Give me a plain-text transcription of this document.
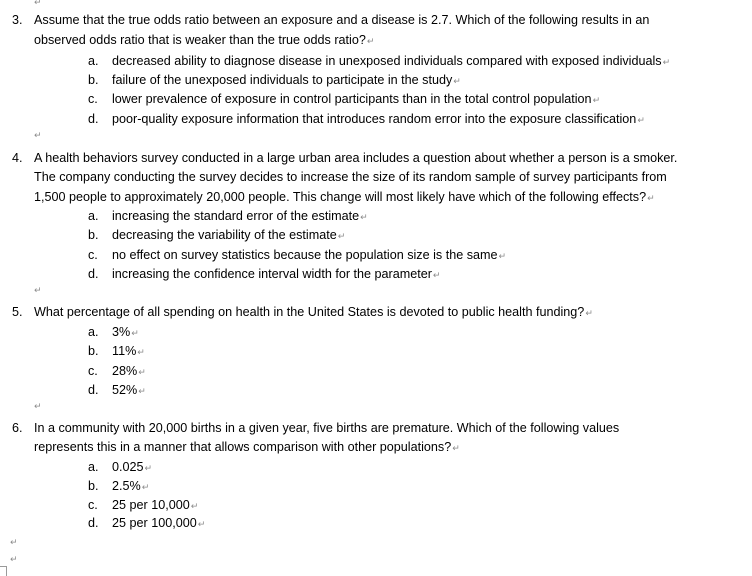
↵
3. Assume that the true odds ratio between an exposure and a disease is 2.7. Which of the following results in an
observed odds ratio that is weaker than the true odds ratio?↵
a. decreased ability to diagnose disease in unexposed individuals compared with exposed individuals↵
b. failure of the unexposed individuals to participate in the study↵
c. lower prevalence of exposure in control participants than in the total control population↵
d. poor-quality exposure information that introduces random error into the exposure classification↵
↵
4. A health behaviors survey conducted in a large urban area includes a question about whether a person is a smoker.
The company conducting the survey decides to increase the size of its random sample of survey participants from
1,500 people to approximately 20,000 people. This change will most likely have which of the following effects?↵
a. increasing the standard error of the estimate↵
b. decreasing the variability of the estimate↵
c. no effect on survey statistics because the population size is the same↵
d. increasing the confidence interval width for the parameter↵
↵
5. What percentage of all spending on health in the United States is devoted to public health funding?↵
a. 3%↵
b. 11%↵
c. 28%↵
d. 52%↵
↵
6. In a community with 20,000 births in a given year, five births are premature. Which of the following values
represents this in a manner that allows comparison with other populations?↵
a. 0.025↵
b. 2.5%↵
c. 25 per 10,000↵
d. 25 per 100,000↵
↵
↵
